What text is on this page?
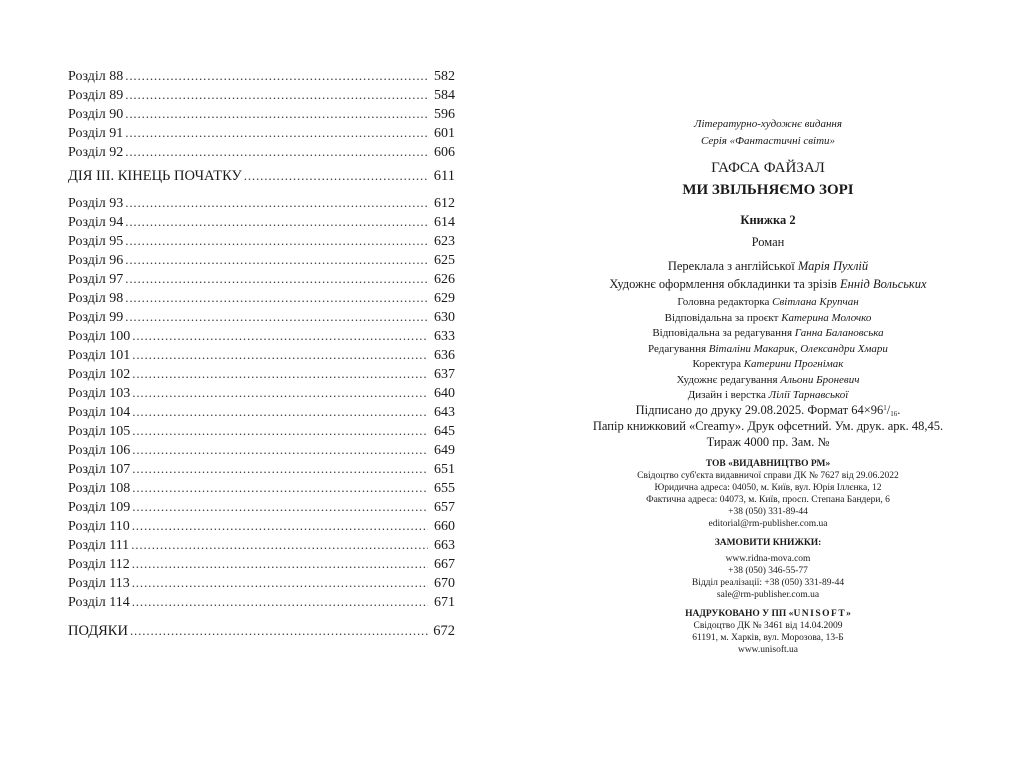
Розділ 88 . . .	582
Розділ 89 . . .	584
Розділ 90 . . .	596
Розділ 91 . . .	601
Розділ 92 . . .	606
ДІЯ ІІІ. КІНЕЦЬ ПОЧАТКУ . . .	611
Розділ 93 . . .	612
Розділ 94 . . .	614
Розділ 95 . . .	623
Розділ 96 . . .	625
Розділ 97 . . .	626
Розділ 98 . . .	629
Розділ 99 . . .	630
Розділ 100 . . .	633
Розділ 101 . . .	636
Розділ 102 . . .	637
Розділ 103 . . .	640
Розділ 104 . . .	643
Розділ 105 . . .	645
Розділ 106 . . .	649
Розділ 107 . . .	651
Розділ 108 . . .	655
Розділ 109 . . .	657
Розділ 110 . . .	660
Розділ 111 . . .	663
Розділ 112 . . .	667
Розділ 113 . . .	670
Розділ 114 . . .	671
ПОДЯКИ . . .	672
Літературно-художнє видання
Серія «Фантастичні світи»
ГАФСА ФАЙЗАЛ
МИ ЗВІЛЬНЯЄМО ЗОРІ
Книжка 2
Роман
Переклала з англійської Марія Пухлій
Художнє оформлення обкладинки та зрізів Еннід Вольських
Підписано до друку 29.08.2025. Формат $64\times 96^1/_{16}$.
Папір книжковий «Creamy». Друк офсетний. Ум. друк. арк. 48,45.
Тираж 4000 пр. Зам. №
ТОВ «ВИДАВНИЦТВО РМ»
Свідоцтво суб'єкта видавничої справи ДК № 7627 від 29.06.2022
Юридична адреса: 04050, м. Київ, вул. Юрія Іллєнка, 12
Фактична адреса: 04073, м. Київ, просп. Степана Бандери, 6
+38 (050) 331-89-44
editorial@rm-publisher.com.ua
ЗАМОВИТИ КНИЖКИ:
www.ridna-mova.com
+38 (050) 346-55-77
Відділ реалізації: +38 (050) 331-89-44
sale@rm-publisher.com.ua
НАДРУКОВАНО У ПП «UNISOFT»
Свідоцтво ДК № 3461 від 14.04.2009
61191, м. Харків, вул. Морозова, 13-Б
www.unisoft.ua
Головна редакторка Світлана Крупчан
Відповідальна за проєкт Катерина Молочко
Відповідальна за редагування Ганна Балановська
Редагування Віталіни Макарик, Олександри Хмари
Коректура Катерини Прогнімак
Художнє редагування Альони Броневич
Дизайн і верстка Лілії Тарнавської
